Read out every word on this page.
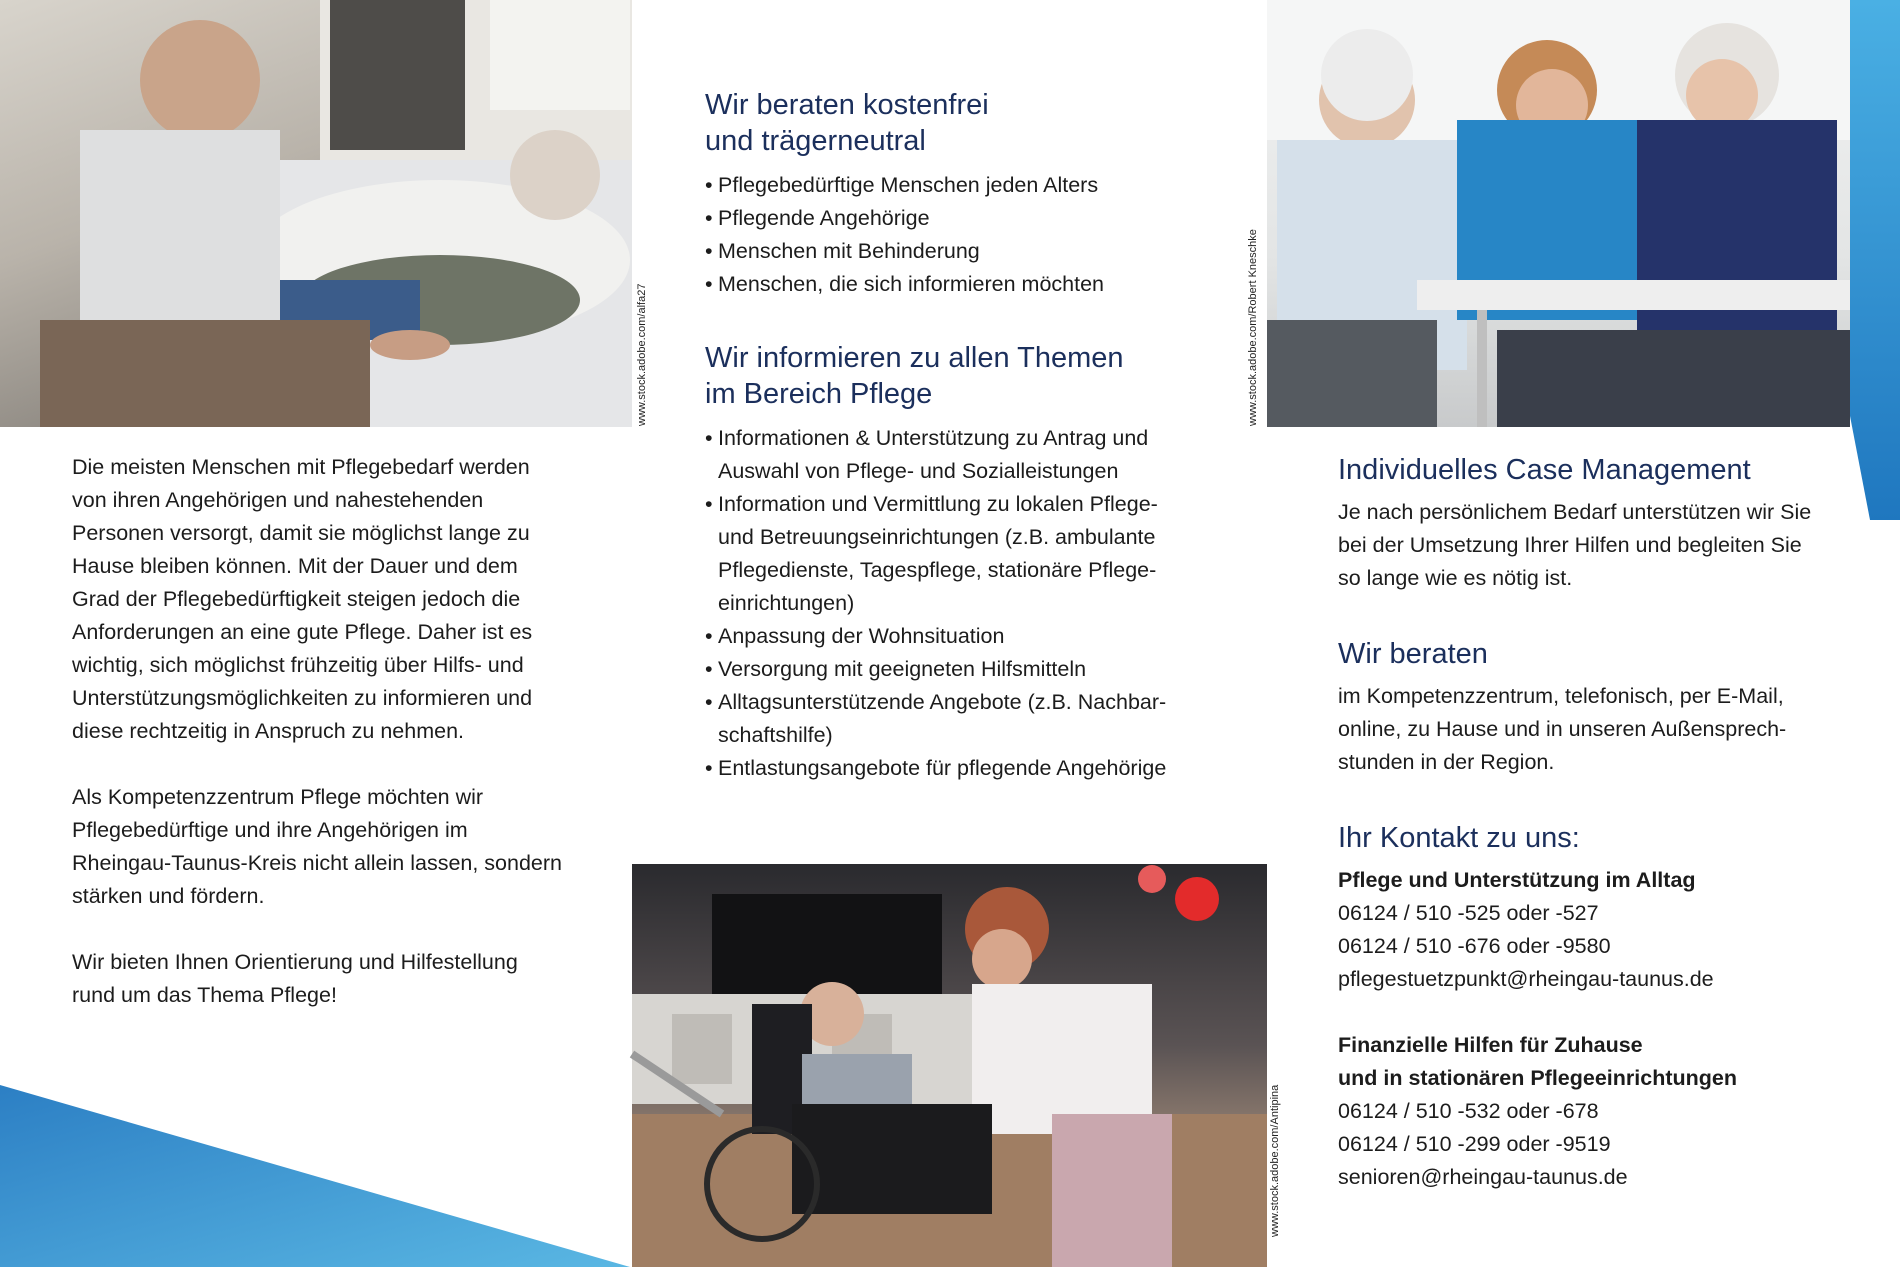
www.stock.adobe.com/alfa27	www.stock.adobe.com/Robert Kneschke
www.stock.adobe.com/Antipina

Die meisten Menschen mit Pflegebedarf werden von ihren Angehörigen und nahestehenden Personen versorgt, damit sie möglichst lange zu Hause bleiben können. Mit der Dauer und dem Grad der Pflegebedürftigkeit steigen jedoch die Anforderungen an eine gute Pflege. Daher ist es wichtig, sich möglichst frühzeitig über Hilfs- und Unterstützungsmöglichkeiten zu informieren und diese rechtzeitig in Anspruch zu nehmen.

Als Kompetenzzentrum Pflege möchten wir Pflegebedürftige und ihre Angehörigen im Rheingau-Taunus-Kreis nicht allein lassen, sondern stärken und fördern.

Wir bieten Ihnen Orientierung und Hilfestellung rund um das Thema Pflege!

Wir beraten kostenfrei
und trägerneutral
• Pflegebedürftige Menschen jeden Alters
• Pflegende Angehörige
• Menschen mit Behinderung
• Menschen, die sich informieren möchten
Wir informieren zu allen Themen
im Bereich Pflege
• Informationen & Unterstützung zu Antrag und Auswahl von Pflege- und Sozialleistungen
• Information und Vermittlung zu lokalen Pflege- und Betreuungseinrichtungen (z.B. ambulante Pflegedienste, Tagespflege, stationäre Pflege- einrichtungen)
• Anpassung der Wohnsituation
• Versorgung mit geeigneten Hilfsmitteln
• Alltagsunterstützende Angebote (z.B. Nachbar- schaftshilfe)
• Entlastungsangebote für pflegende Angehörige
Individuelles Case Management
Je nach persönlichem Bedarf unterstützen wir Sie bei der Umsetzung Ihrer Hilfen und begleiten Sie so lange wie es nötig ist.
Wir beraten
im Kompetenzzentrum, telefonisch, per E-Mail, online, zu Hause und in unseren Außensprech- stunden in der Region.
Ihr Kontakt zu uns:
Pflege und Unterstützung im Alltag
06124 / 510 -525 oder -527
06124 / 510 -676 oder -9580
pflegestuetzpunkt@rheingau-taunus.de
Finanzielle Hilfen für Zuhause
und in stationären Pflegeeinrichtungen
06124 / 510 -532 oder -678
06124 / 510 -299 oder -9519
senioren@rheingau-taunus.de
